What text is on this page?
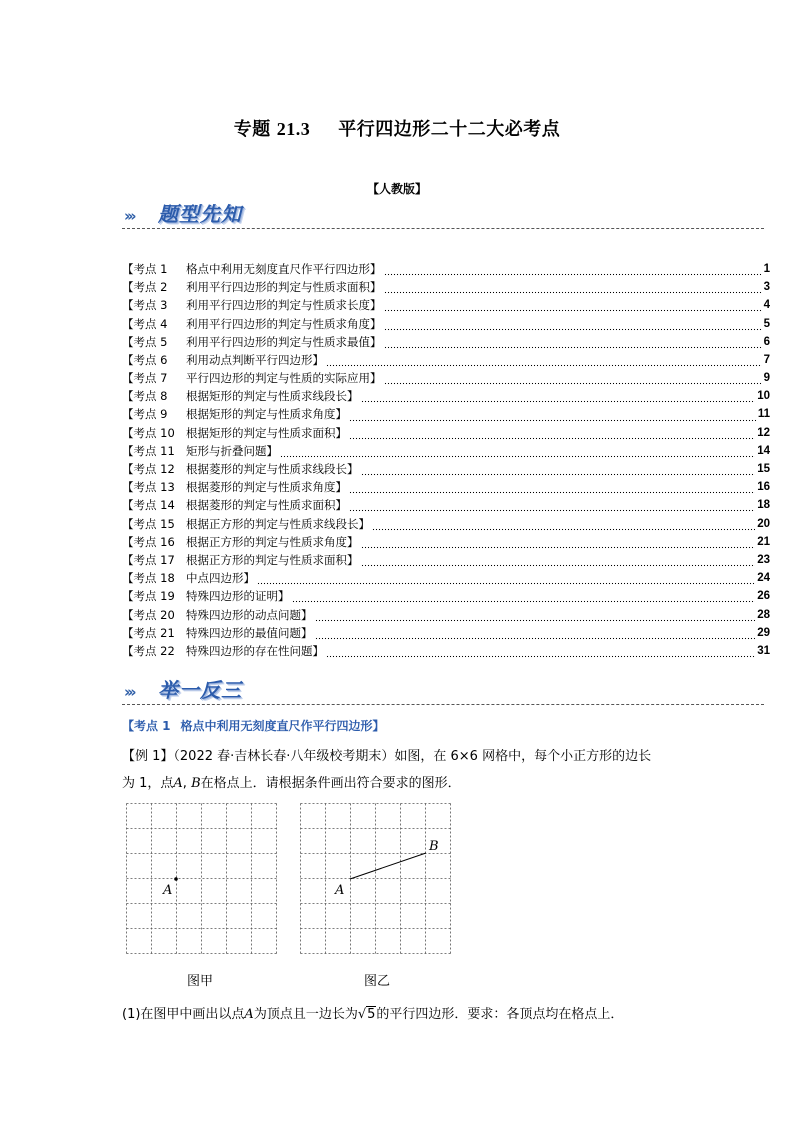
专题 21.3 平行四边形二十二大必考点
【人教版】
››› 题型先知
【考点 1 格点中利用无刻度直尺作平行四边形】	1
【考点 2 利用平行四边形的判定与性质求面积】	3
【考点 3 利用平行四边形的判定与性质求长度】	4
【考点 4 利用平行四边形的判定与性质求角度】	5
【考点 5 利用平行四边形的判定与性质求最值】	6
【考点 6 利用动点判断平行四边形】	7
【考点 7 平行四边形的判定与性质的实际应用】	9
【考点 8 根据矩形的判定与性质求线段长】	10
【考点 9 根据矩形的判定与性质求角度】	11
【考点 10 根据矩形的判定与性质求面积】	12
【考点 11 矩形与折叠问题】	14
【考点 12 根据菱形的判定与性质求线段长】	15
【考点 13 根据菱形的判定与性质求角度】	16
【考点 14 根据菱形的判定与性质求面积】	18
【考点 15 根据正方形的判定与性质求线段长】	20
【考点 16 根据正方形的判定与性质求角度】	21
【考点 17 根据正方形的判定与性质求面积】	23
【考点 18 中点四边形】	24
【考点 19 特殊四边形的证明】	26
【考点 20 特殊四边形的动点问题】	28
【考点 21 特殊四边形的最值问题】	29
【考点 22 特殊四边形的存在性问题】	31
››› 举一反三
【考点 1 格点中利用无刻度直尺作平行四边形】
【例 1】（2022 春·吉林长春·八年级校考期末）如图，在 6×6 网格中，每个小正方形的边长
为 1，点A, B在格点上．请根据条件画出符合要求的图形．
A
图甲
A
B
图乙
(1)在图甲中画出以点A为顶点且一边长为√5的平行四边形．要求：各顶点均在格点上．
